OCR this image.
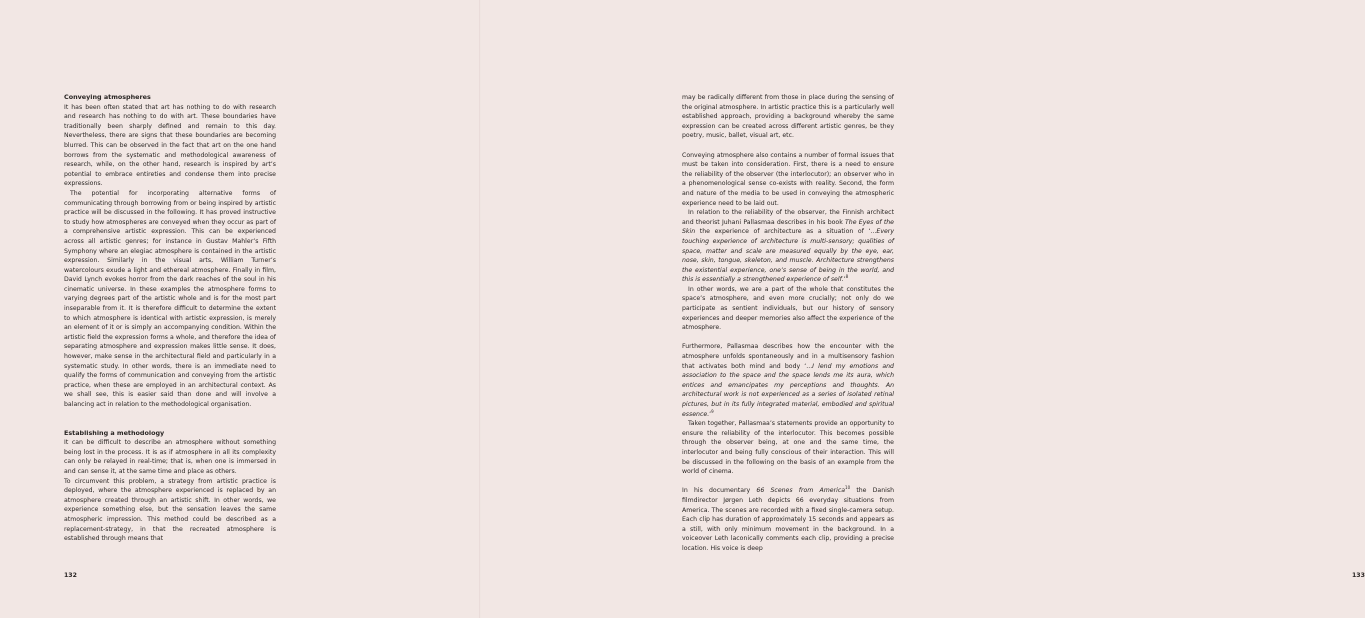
Conveying atmospheres

It has been often stated that art has nothing to do with research and research has nothing to do with art. These boundaries have traditionally been sharply defined and remain to this day. Nevertheless, there are signs that these boundaries are becoming blurred. This can be observed in the fact that art on the one hand borrows from the systematic and methodological awareness of research, while, on the other hand, research is inspired by art’s potential to embrace entireties and condense them into precise expressions.

The potential for incorporating alternative forms of communicating through borrowing from or being inspired by artistic practice will be discussed in the following. It has proved instructive to study how atmospheres are conveyed when they occur as part of a comprehensive artistic expression. This can be experienced across all artistic genres; for instance in Gustav Mahler’s Fifth Symphony where an elegiac atmosphere is contained in the artistic expression. Similarly in the visual arts, William Turner’s watercolours exude a light and ethereal atmosphere. Finally in film, David Lynch evokes horror from the dark reaches of the soul in his cinematic universe. In these examples the atmosphere forms to varying degrees part of the artistic whole and is for the most part inseparable from it. It is therefore difficult to determine the extent to which atmosphere is identical with artistic expression, is merely an element of it or is simply an accompanying condition. Within the artistic field the expression forms a whole, and therefore the idea of separating atmosphere and expression makes little sense. It does, however, make sense in the architectural field and particularly in a systematic study. In other words, there is an immediate need to qualify the forms of communication and conveying from the artistic practice, when these are employed in an architectural context. As we shall see, this is easier said than done and will involve a balancing act in relation to the methodological organisation.

Establishing a methodology

It can be difficult to describe an atmosphere without something being lost in the process. It is as if atmosphere in all its complexity can only be relayed in real-time; that is, when one is immersed in and can sense it, at the same time and place as others.

To circumvent this problem, a strategy from artistic practice is deployed, where the atmosphere experienced is replaced by an atmosphere created through an artistic shift. In other words, we experience something else, but the sensation leaves the same atmospheric impression. This method could be described as a replacement-strategy, in that the recreated atmosphere is established through means that

132	133

may be radically different from those in place during the sensing of the original atmosphere. In artistic practice this is a particularly well established approach, providing a background whereby the same expression can be created across different artistic genres, be they poetry, music, ballet, visual art, etc.

Conveying atmosphere also contains a number of formal issues that must be taken into consideration. First, there is a need to ensure the reliability of the observer (the interlocutor); an observer who in a phenomenological sense co-exists with reality. Second, the form and nature of the media to be used in conveying the atmospheric experience need to be laid out.

In relation to the reliability of the observer, the Finnish architect and theorist Juhani Pallasmaa describes in his book The Eyes of the Skin the experience of architecture as a situation of ‘...Every touching experience of architecture is multi-sensory; qualities of space, matter and scale are measured equally by the eye, ear, nose, skin, tongue, skeleton, and muscle. Architecture strengthens the existential experience, one’s sense of being in the world, and this is essentially a strengthened experience of self.’$^8$

In other words, we are a part of the whole that constitutes the space’s atmosphere, and even more crucially; not only do we participate as sentient individuals, but our history of sensory experiences and deeper memories also affect the experience of the atmosphere.

Furthermore, Pallasmaa describes how the encounter with the atmosphere unfolds spontaneously and in a multisensory fashion that activates both mind and body ‘...I lend my emotions and association to the space and the space lends me its aura, which entices and emancipates my perceptions and thoughts. An architectural work is not experienced as a series of isolated retinal pictures, but in its fully integrated material, embodied and spiritual essence.’$^9$

Taken together, Pallasmaa’s statements provide an opportunity to ensure the reliability of the interlocutor. This becomes possible through the observer being, at one and the same time, the interlocutor and being fully conscious of their interaction. This will be discussed in the following on the basis of an example from the world of cinema.

In his documentary 66 Scenes from America$^{10}$ the Danish filmdirector Jørgen Leth depicts 66 everyday situations from America. The scenes are recorded with a fixed single-camera setup. Each clip has duration of approximately 15 seconds and appears as a still, with only minimum movement in the background. In a voiceover Leth laconically comments each clip, providing a precise location. His voice is deep
